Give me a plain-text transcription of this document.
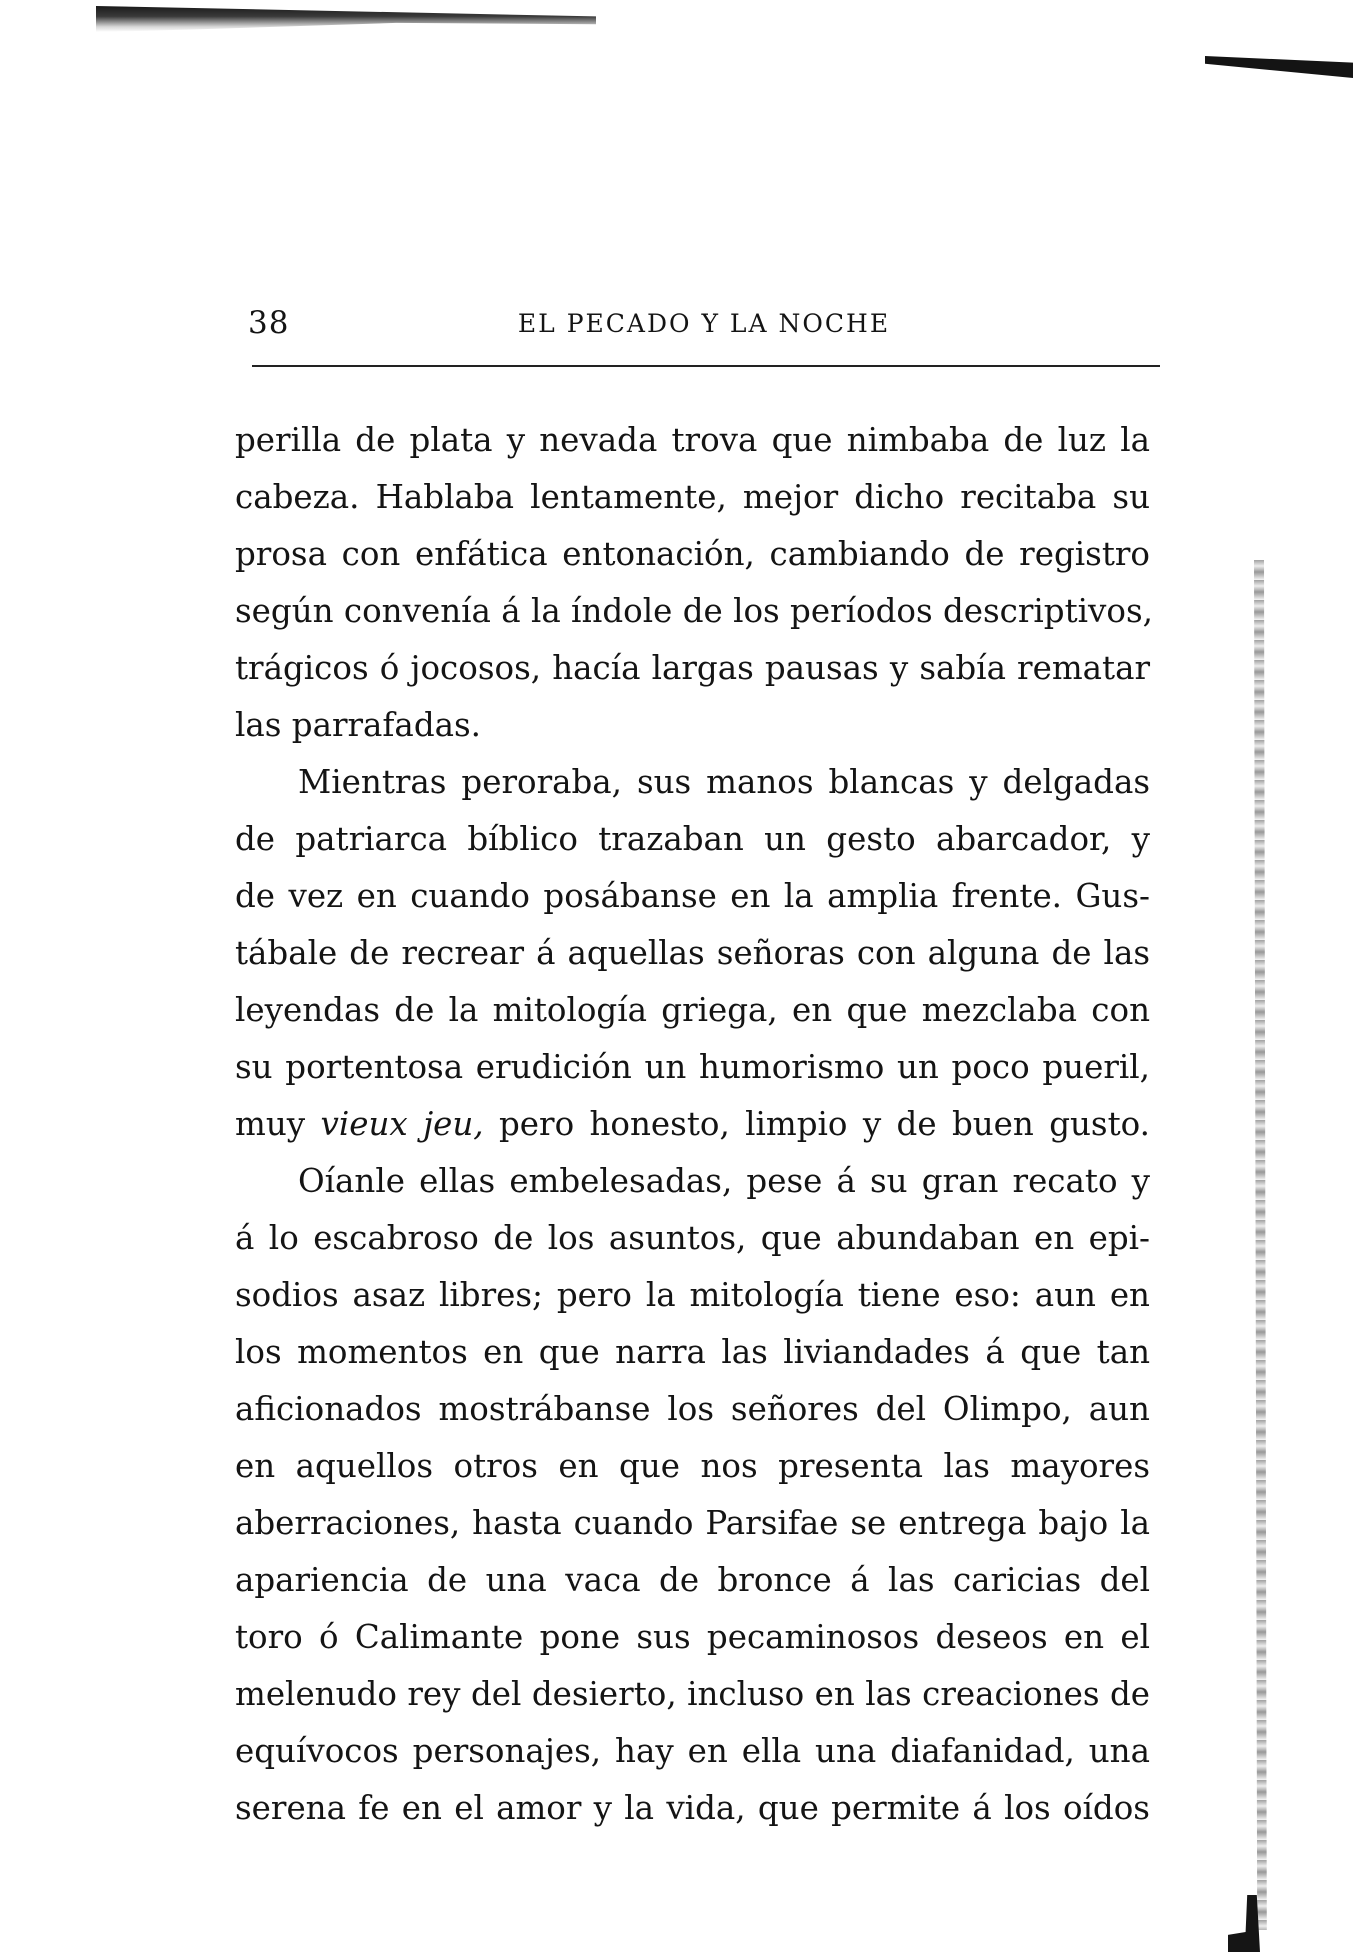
38	EL PECADO Y LA NOCHE
perilla de plata y nevada trova que nimbaba de luz la
cabeza. Hablaba lentamente, mejor dicho recitaba su
prosa con enfática entonación, cambiando de registro
según convenía á la índole de los períodos descriptivos,
trágicos ó jocosos, hacía largas pausas y sabía rematar
las parrafadas.
Mientras peroraba, sus manos blancas y delgadas
de patriarca bíblico trazaban un gesto abarcador, y
de vez en cuando posábanse en la amplia frente. Gus-
tábale de recrear á aquellas señoras con alguna de las
leyendas de la mitología griega, en que mezclaba con
su portentosa erudición un humorismo un poco pueril,
muy vieux jeu, pero honesto, limpio y de buen gusto.
Oíanle ellas embelesadas, pese á su gran recato y
á lo escabroso de los asuntos, que abundaban en epi-
sodios asaz libres; pero la mitología tiene eso: aun en
los momentos en que narra las liviandades á que tan
aficionados mostrábanse los señores del Olimpo, aun
en aquellos otros en que nos presenta las mayores
aberraciones, hasta cuando Parsifae se entrega bajo la
apariencia de una vaca de bronce á las caricias del
toro ó Calimante pone sus pecaminosos deseos en el
melenudo rey del desierto, incluso en las creaciones de
equívocos personajes, hay en ella una diafanidad, una
serena fe en el amor y la vida, que permite á los oídos
